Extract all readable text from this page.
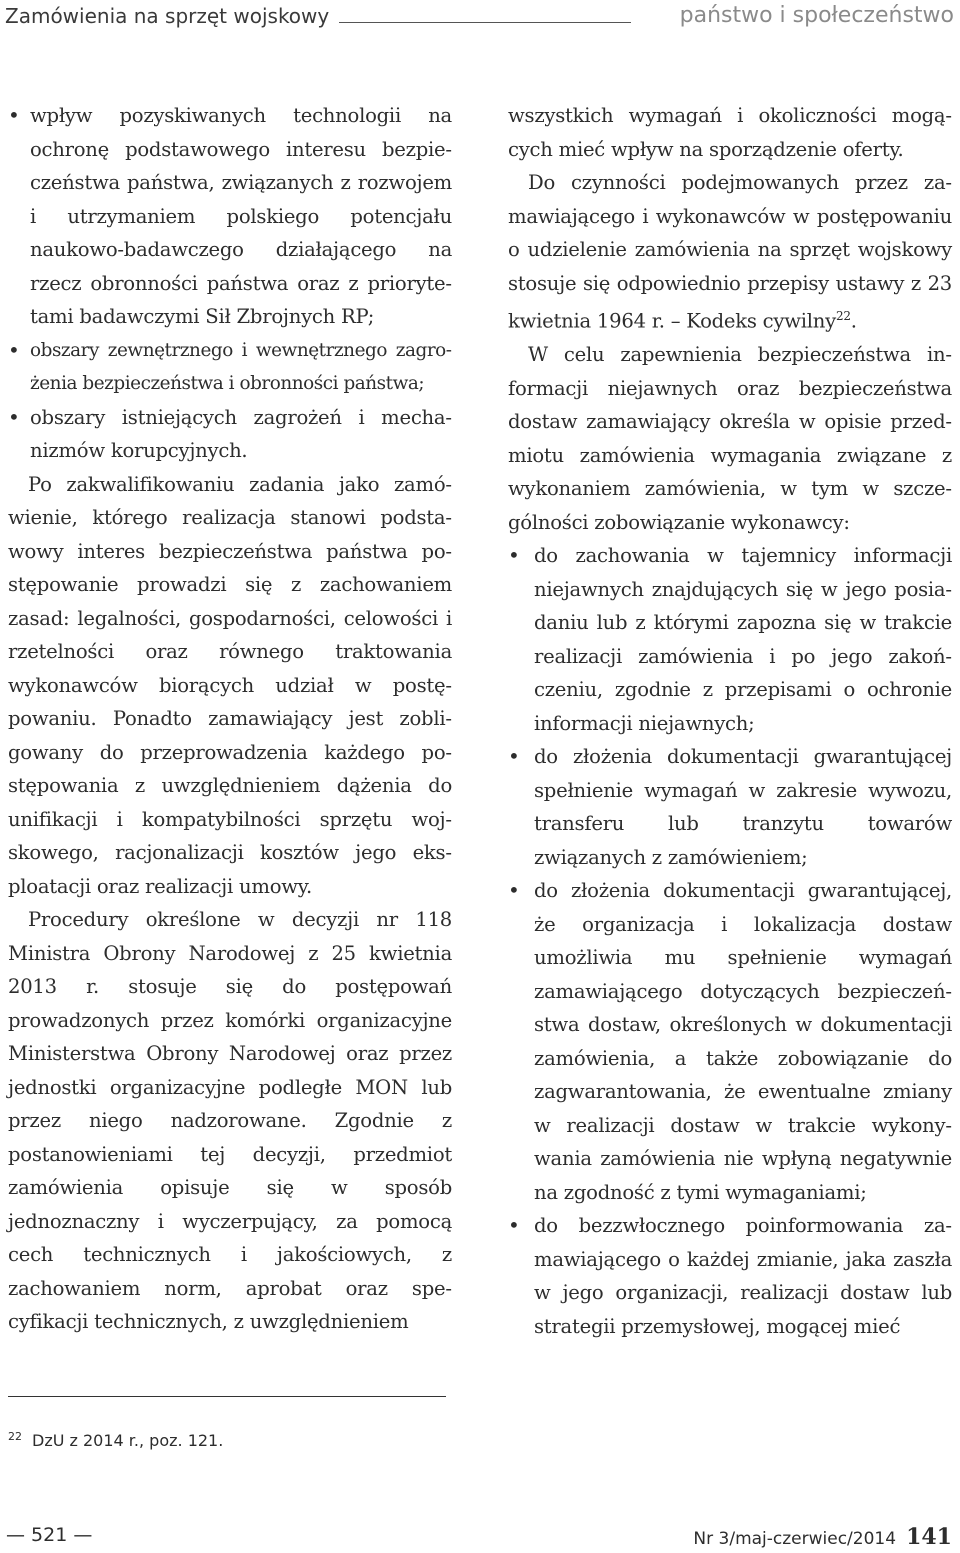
Zamówienia na sprzęt wojskowy	państwo i społeczeństwo
• wpływ pozyskiwanych technologii na ochronę podstawowego interesu bezpieczeństwa państwa, związanych z rozwojem i utrzymaniem polskiego potencjału naukowo-badawczego działającego na rzecz obronności państwa oraz z priorytetami badawczymi Sił Zbrojnych RP;
• obszary zewnętrznego i wewnętrznego zagrożenia bezpieczeństwa i obronności państwa;
• obszary istniejących zagrożeń i mechanizmów korupcyjnych.

Po zakwalifikowaniu zadania jako zamówienie, którego realizacja stanowi podstawowy interes bezpieczeństwa państwa postępowanie prowadzi się z zachowaniem zasad: legalności, gospodarności, celowości i rzetelności oraz równego traktowania wykonawców biorących udział w postępowaniu. Ponadto zamawiający jest zobligowany do przeprowadzenia każdego postępowania z uwzględnieniem dążenia do unifikacji i kompatybilności sprzętu wojskowego, racjonalizacji kosztów jego eksploatacji oraz realizacji umowy.

Procedury określone w decyzji nr 118 Ministra Obrony Narodowej z 25 kwietnia 2013 r. stosuje się do postępowań prowadzonych przez komórki organizacyjne Ministerstwa Obrony Narodowej oraz przez jednostki organizacyjne podległe MON lub przez niego nadzorowane. Zgodnie z postanowieniami tej decyzji, przedmiot zamówienia opisuje się w sposób jednoznaczny i wyczerpujący, za pomocą cech technicznych i jakościowych, z zachowaniem norm, aprobat oraz specyfikacji technicznych, z uwzględnieniem

wszystkich wymagań i okoliczności mogących mieć wpływ na sporządzenie oferty.

Do czynności podejmowanych przez zamawiającego i wykonawców w postępowaniu o udzielenie zamówienia na sprzęt wojskowy stosuje się odpowiednio przepisy ustawy z 23 kwietnia 1964 r. – Kodeks cywilny$^{22}$.

W celu zapewnienia bezpieczeństwa informacji niejawnych oraz bezpieczeństwa dostaw zamawiający określa w opisie przedmiotu zamówienia wymagania związane z wykonaniem zamówienia, w tym w szczególności zobowiązanie wykonawcy:

• do zachowania w tajemnicy informacji niejawnych znajdujących się w jego posiadaniu lub z którymi zapozna się w trakcie realizacji zamówienia i po jego zakończeniu, zgodnie z przepisami o ochronie informacji niejawnych;
• do złożenia dokumentacji gwarantującej spełnienie wymagań w zakresie wywozu, transferu lub tranzytu towarów związanych z zamówieniem;
• do złożenia dokumentacji gwarantującej, że organizacja i lokalizacja dostaw umożliwia mu spełnienie wymagań zamawiającego dotyczących bezpieczeństwa dostaw, określonych w dokumentacji zamówienia, a także zobowiązanie do zagwarantowania, że ewentualne zmiany w realizacji dostaw w trakcie wykonywania zamówienia nie wpłyną negatywnie na zgodność z tymi wymaganiami;
• do bezzwłocznego poinformowania zamawiającego o każdej zmianie, jaka zaszła w jego organizacji, realizacji dostaw lub strategii przemysłowej, mogącej mieć
$^{22}$ DzU z 2014 r., poz. 121.
— 521 —	Nr 3/maj-czerwiec/2014 141
